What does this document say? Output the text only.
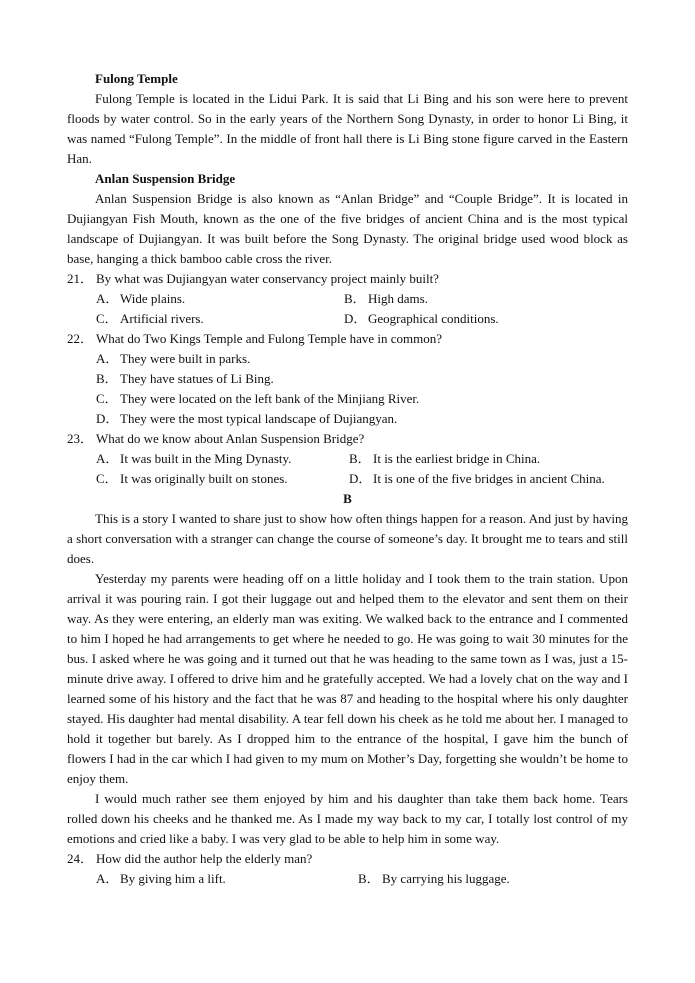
Fulong Temple

Fulong Temple is located in the Lidui Park. It is said that Li Bing and his son were here to prevent floods by water control. So in the early years of the Northern Song Dynasty, in order to honor Li Bing, it was named “Fulong Temple”. In the middle of front hall there is Li Bing stone figure carved in the Eastern Han.

Anlan Suspension Bridge

Anlan Suspension Bridge is also known as “Anlan Bridge” and “Couple Bridge”. It is located in Dujiangyan Fish Mouth, known as the one of the five bridges of ancient China and is the most typical landscape of Dujiangyan. It was built before the Song Dynasty. The original bridge used wood block as base, hanging a thick bamboo cable cross the river.

21． By what was Dujiangyan water conservancy project mainly built?

A． Wide plains.	B． High dams.
C． Artificial rivers.	D． Geographical conditions.

22． What do Two Kings Temple and Fulong Temple have in common?

A． They were built in parks.

B． They have statues of Li Bing.

C． They were located on the left bank of the Minjiang River.

D． They were the most typical landscape of Dujiangyan.

23． What do we know about Anlan Suspension Bridge?

A． It was built in the Ming Dynasty.	B． It is the earliest bridge in China.
C． It was originally built on stones.	D． It is one of the five bridges in ancient China.

B

This is a story I wanted to share just to show how often things happen for a reason. And just by having a short conversation with a stranger can change the course of someone’s day. It brought me to tears and still does.

Yesterday my parents were heading off on a little holiday and I took them to the train station. Upon arrival it was pouring rain. I got their luggage out and helped them to the elevator and sent them on their way. As they were entering, an elderly man was exiting. We walked back to the entrance and I commented to him I hoped he had arrangements to get where he needed to go. He was going to wait 30 minutes for the bus. I asked where he was going and it turned out that he was heading to the same town as I was, just a 15-minute drive away. I offered to drive him and he gratefully accepted. We had a lovely chat on the way and I learned some of his history and the fact that he was 87 and heading to the hospital where his only daughter stayed. His daughter had mental disability. A tear fell down his cheek as he told me about her. I managed to hold it together but barely. As I dropped him to the entrance of the hospital, I gave him the bunch of flowers I had in the car which I had given to my mum on Mother’s Day, forgetting she wouldn’t be home to enjoy them.

I would much rather see them enjoyed by him and his daughter than take them back home. Tears rolled down his cheeks and he thanked me. As I made my way back to my car, I totally lost control of my emotions and cried like a baby. I was very glad to be able to help him in some way.

24． How did the author help the elderly man?

A． By giving him a lift.	B． By carrying his luggage.
